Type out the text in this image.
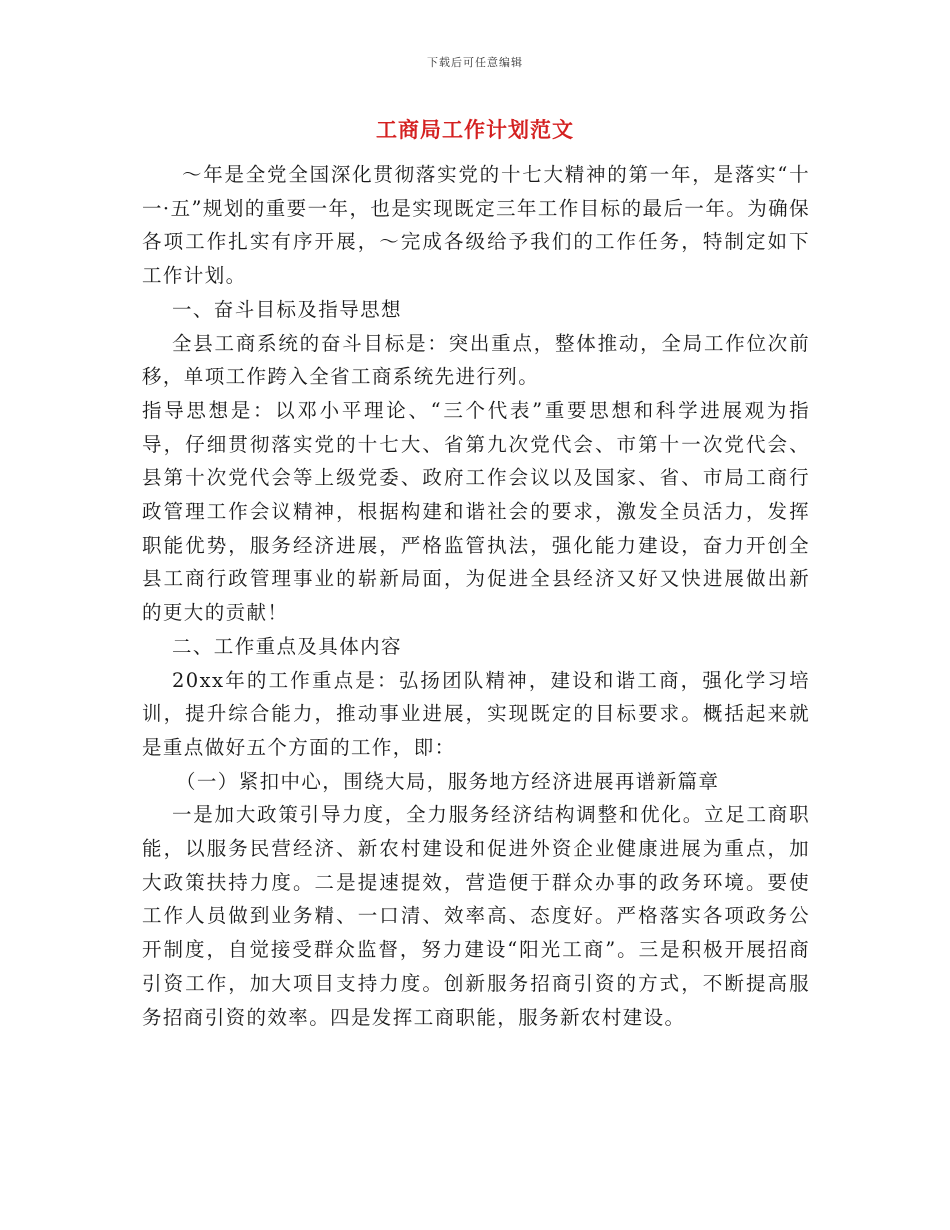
下载后可任意编辑
工商局工作计划范文

～年是全党全国深化贯彻落实党的十七大精神的第一年，是落实“十一·五”规划的重要一年，也是实现既定三年工作目标的最后一年。为确保各项工作扎实有序开展，～完成各级给予我们的工作任务，特制定如下工作计划。

一、奋斗目标及指导思想

全县工商系统的奋斗目标是：突出重点，整体推动，全局工作位次前移，单项工作跨入全省工商系统先进行列。

指导思想是：以邓小平理论、“三个代表”重要思想和科学进展观为指导，仔细贯彻落实党的十七大、省第九次党代会、市第十一次党代会、县第十次党代会等上级党委、政府工作会议以及国家、省、市局工商行政管理工作会议精神，根据构建和谐社会的要求，激发全员活力，发挥职能优势，服务经济进展，严格监管执法，强化能力建设，奋力开创全县工商行政管理事业的崭新局面，为促进全县经济又好又快进展做出新的更大的贡献！

二、工作重点及具体内容

20xx年的工作重点是：弘扬团队精神，建设和谐工商，强化学习培训，提升综合能力，推动事业进展，实现既定的目标要求。概括起来就是重点做好五个方面的工作，即：

（一）紧扣中心，围绕大局，服务地方经济进展再谱新篇章

一是加大政策引导力度，全力服务经济结构调整和优化。立足工商职能，以服务民营经济、新农村建设和促进外资企业健康进展为重点，加大政策扶持力度。二是提速提效，营造便于群众办事的政务环境。要使工作人员做到业务精、一口清、效率高、态度好。严格落实各项政务公开制度，自觉接受群众监督，努力建设“阳光工商”。三是积极开展招商引资工作，加大项目支持力度。创新服务招商引资的方式，不断提高服务招商引资的效率。四是发挥工商职能，服务新农村建设。
